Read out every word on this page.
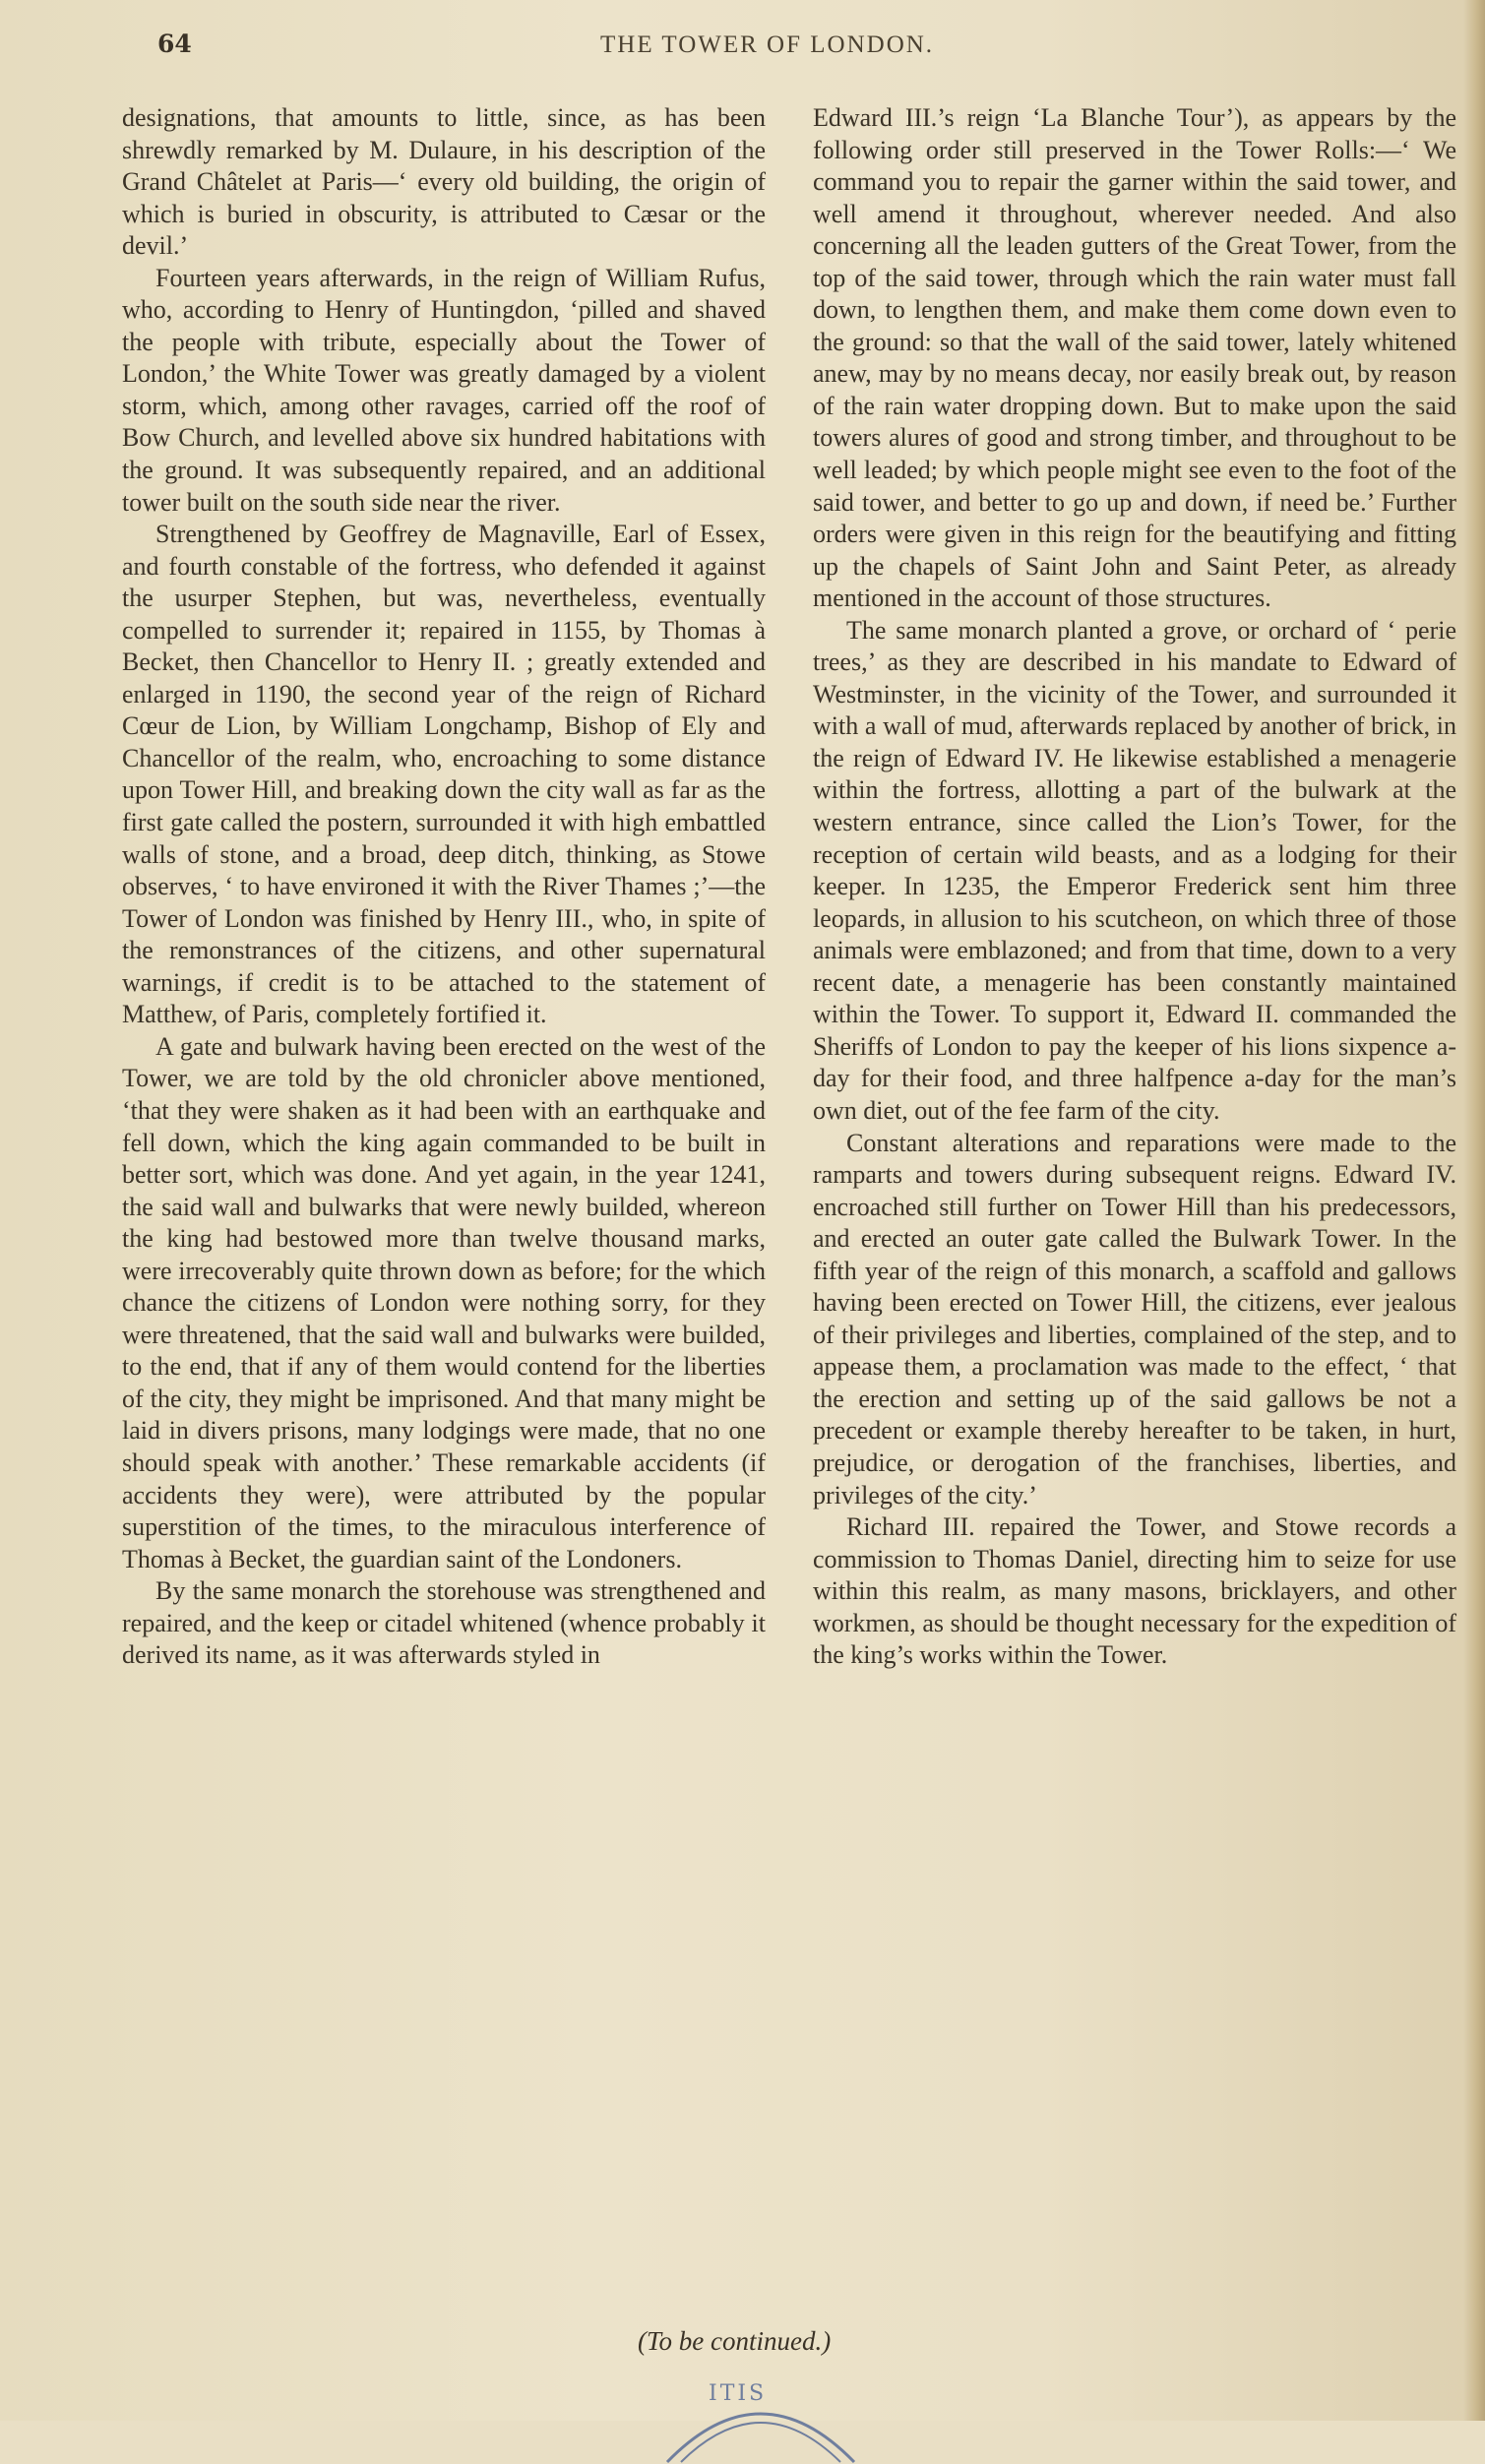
64	THE TOWER OF LONDON.

designations, that amounts to little, since, as has been shrewdly remarked by M. Dulaure, in his description of the Grand Châtelet at Paris—‘ every old building, the origin of which is buried in obscurity, is attributed to Cæsar or the devil.’

Fourteen years afterwards, in the reign of William Rufus, who, according to Henry of Huntingdon, ‘pilled and shaved the people with tribute, especially about the Tower of London,’ the White Tower was greatly damaged by a violent storm, which, among other ravages, carried off the roof of Bow Church, and levelled above six hundred habitations with the ground. It was subsequently repaired, and an additional tower built on the south side near the river.

Strengthened by Geoffrey de Magnaville, Earl of Essex, and fourth constable of the fortress, who defended it against the usurper Stephen, but was, nevertheless, eventually compelled to surrender it; repaired in 1155, by Thomas à Becket, then Chancellor to Henry II. ; greatly extended and enlarged in 1190, the second year of the reign of Richard Cœur de Lion, by William Longchamp, Bishop of Ely and Chancellor of the realm, who, encroaching to some distance upon Tower Hill, and breaking down the city wall as far as the first gate called the postern, surrounded it with high embattled walls of stone, and a broad, deep ditch, thinking, as Stowe observes, ‘ to have environed it with the River Thames ;’—the Tower of London was finished by Henry III., who, in spite of the remonstrances of the citizens, and other supernatural warnings, if credit is to be attached to the statement of Matthew, of Paris, completely fortified it.

A gate and bulwark having been erected on the west of the Tower, we are told by the old chronicler above mentioned, ‘that they were shaken as it had been with an earthquake and fell down, which the king again commanded to be built in better sort, which was done. And yet again, in the year 1241, the said wall and bulwarks that were newly builded, whereon the king had bestowed more than twelve thousand marks, were irrecoverably quite thrown down as before; for the which chance the citizens of London were nothing sorry, for they were threatened, that the said wall and bulwarks were builded, to the end, that if any of them would contend for the liberties of the city, they might be imprisoned. And that many might be laid in divers prisons, many lodgings were made, that no one should speak with another.’ These remarkable accidents (if accidents they were), were attributed by the popular superstition of the times, to the miraculous interference of Thomas à Becket, the guardian saint of the Londoners.

By the same monarch the storehouse was strengthened and repaired, and the keep or citadel whitened (whence probably it derived its name, as it was afterwards styled in

Edward III.’s reign ‘La Blanche Tour’), as appears by the following order still preserved in the Tower Rolls:—‘ We command you to repair the garner within the said tower, and well amend it throughout, wherever needed. And also concerning all the leaden gutters of the Great Tower, from the top of the said tower, through which the rain water must fall down, to lengthen them, and make them come down even to the ground: so that the wall of the said tower, lately whitened anew, may by no means decay, nor easily break out, by reason of the rain water dropping down. But to make upon the said towers alures of good and strong timber, and throughout to be well leaded; by which people might see even to the foot of the said tower, and better to go up and down, if need be.’ Further orders were given in this reign for the beautifying and fitting up the chapels of Saint John and Saint Peter, as already mentioned in the account of those structures.

The same monarch planted a grove, or orchard of ‘ perie trees,’ as they are described in his mandate to Edward of Westminster, in the vicinity of the Tower, and surrounded it with a wall of mud, afterwards replaced by another of brick, in the reign of Edward IV. He likewise established a menagerie within the fortress, allotting a part of the bulwark at the western entrance, since called the Lion’s Tower, for the reception of certain wild beasts, and as a lodging for their keeper. In 1235, the Emperor Frederick sent him three leopards, in allusion to his scutcheon, on which three of those animals were emblazoned; and from that time, down to a very recent date, a menagerie has been constantly maintained within the Tower. To support it, Edward II. commanded the Sheriffs of London to pay the keeper of his lions sixpence a-day for their food, and three halfpence a-day for the man’s own diet, out of the fee farm of the city.

Constant alterations and reparations were made to the ramparts and towers during subsequent reigns. Edward IV. encroached still further on Tower Hill than his predecessors, and erected an outer gate called the Bulwark Tower. In the fifth year of the reign of this monarch, a scaffold and gallows having been erected on Tower Hill, the citizens, ever jealous of their privileges and liberties, complained of the step, and to appease them, a proclamation was made to the effect, ‘ that the erection and setting up of the said gallows be not a precedent or example thereby hereafter to be taken, in hurt, prejudice, or derogation of the franchises, liberties, and privileges of the city.’

Richard III. repaired the Tower, and Stowe records a commission to Thomas Daniel, directing him to seize for use within this realm, as many masons, bricklayers, and other workmen, as should be thought necessary for the expedition of the king’s works within the Tower.

(To be continued.)
ITIS
